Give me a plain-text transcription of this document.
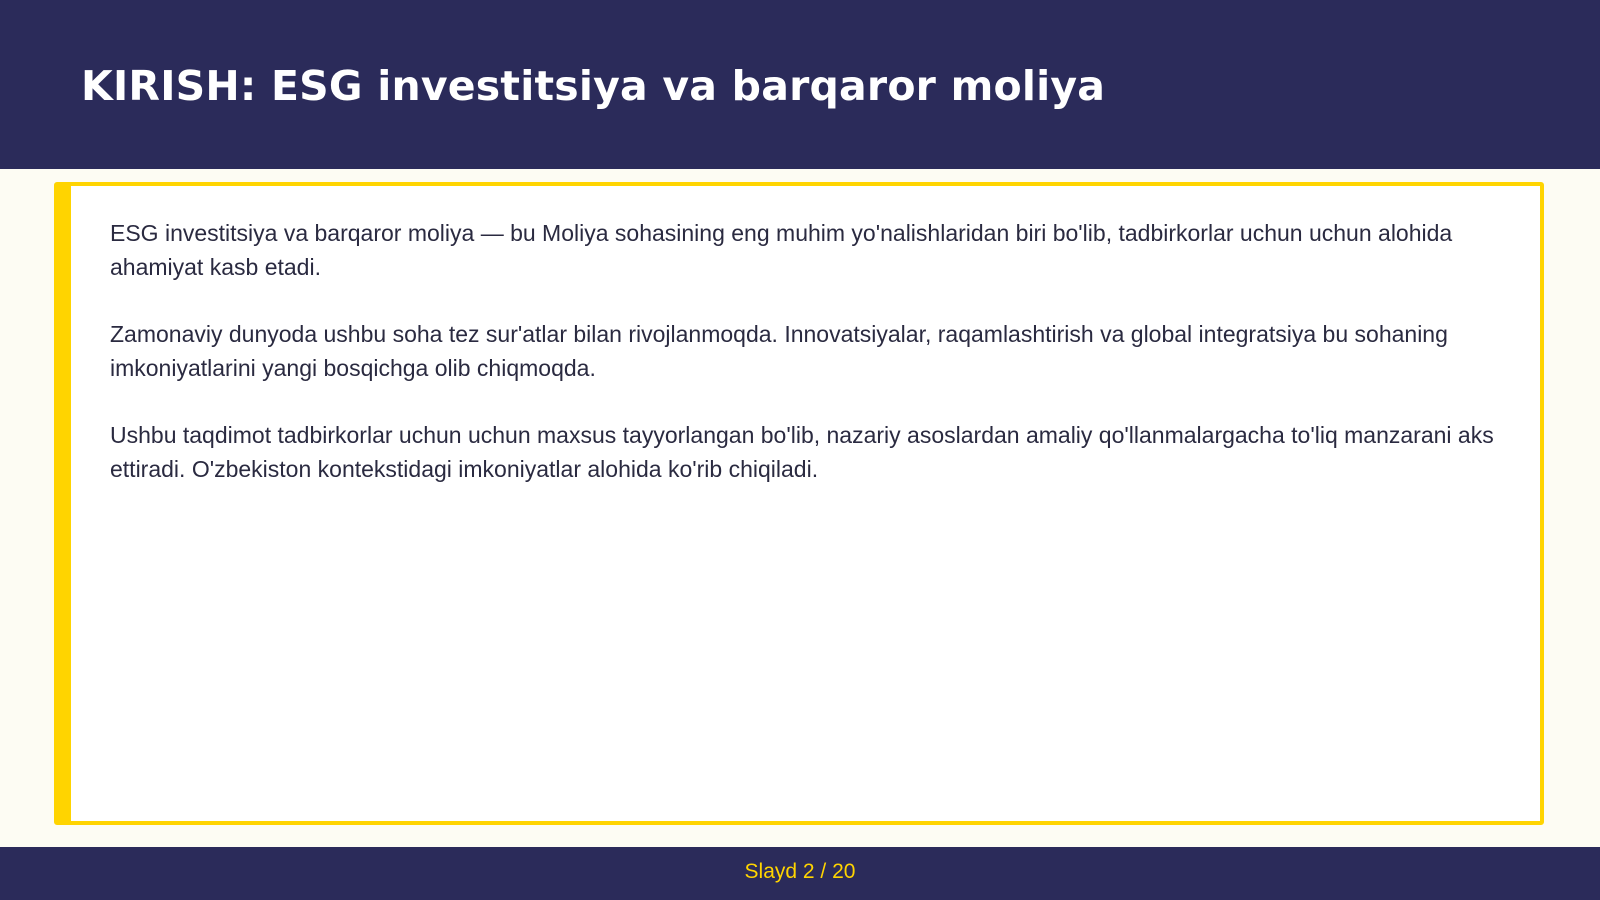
KIRISH: ESG investitsiya va barqaror moliya

ESG investitsiya va barqaror moliya — bu Moliya sohasining eng muhim yo'nalishlaridan biri bo'lib, tadbirkorlar uchun uchun alohida ahamiyat kasb etadi.

Zamonaviy dunyoda ushbu soha tez sur'atlar bilan rivojlanmoqda. Innovatsiyalar, raqamlashtirish va global integratsiya bu sohaning imkoniyatlarini yangi bosqichga olib chiqmoqda.

Ushbu taqdimot tadbirkorlar uchun uchun maxsus tayyorlangan bo'lib, nazariy asoslardan amaliy qo'llanmalargacha to'liq manzarani aks ettiradi. O'zbekiston kontekstidagi imkoniyatlar alohida ko'rib chiqiladi.

Slayd 2 / 20
